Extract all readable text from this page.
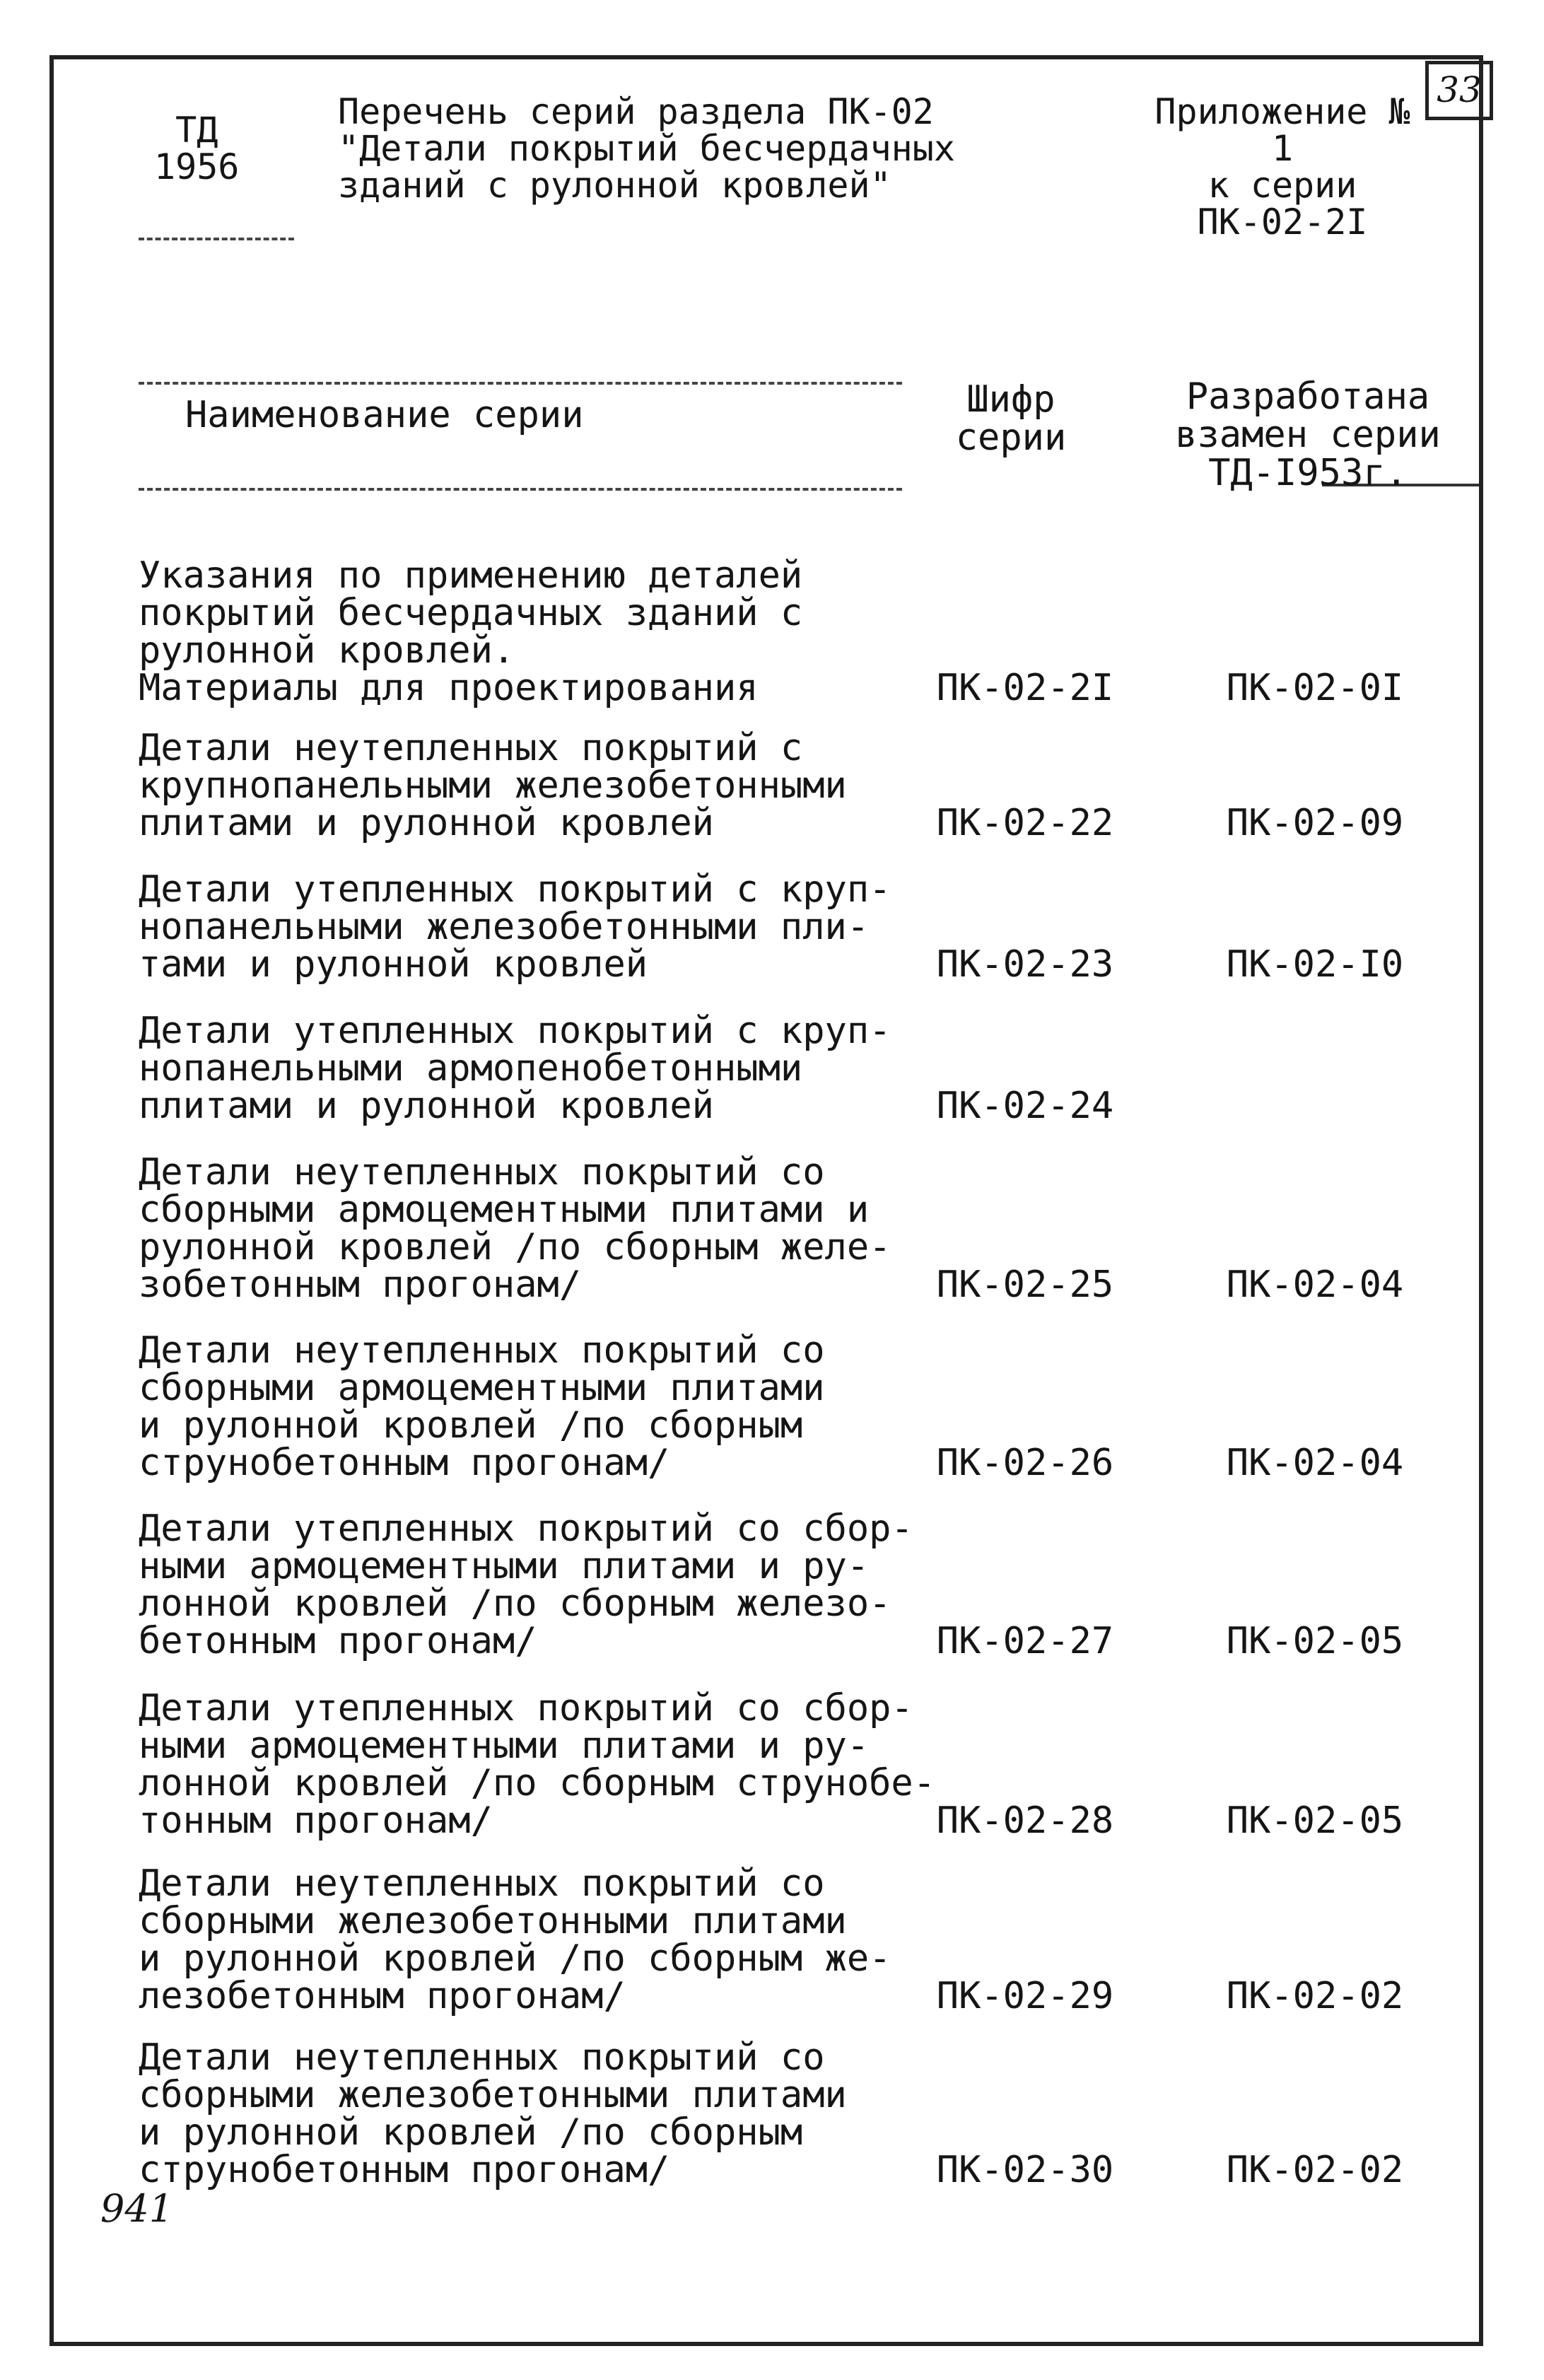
33
ТД
1956
Перечень серий раздела ПК-02
"Детали покрытий бесчердачных
зданий с рулонной кровлей"
Приложение № 1
к серии
ПК-02-2I
Наименование серии	Шифр
серии
Разработана
взамен серии
ТД-I953г.
Указания по применению деталей
покрытий бесчердачных зданий с
рулонной кровлей.
Материалы для проектирования	ПК-02-2I	ПК-02-0I
Детали неутепленных покрытий с
крупнопанельными железобетонными
плитами и рулонной кровлей	ПК-02-22	ПК-02-09
Детали утепленных покрытий с круп-
нопанельными железобетонными пли-
тами и рулонной кровлей	ПК-02-23	ПК-02-I0
Детали утепленных покрытий с круп-
нопанельными армопенобетонными
плитами и рулонной кровлей	ПК-02-24
Детали неутепленных покрытий со
сборными армоцементными плитами и
рулонной кровлей /по сборным желе-
зобетонным прогонам/	ПК-02-25	ПК-02-04
Детали неутепленных покрытий со
сборными армоцементными плитами
и рулонной кровлей /по сборным
струнобетонным прогонам/	ПК-02-26	ПК-02-04
Детали утепленных покрытий со сбор-
ными армоцементными плитами и ру-
лонной кровлей /по сборным железо-
бетонным прогонам/	ПК-02-27	ПК-02-05
Детали утепленных покрытий со сбор-
ными армоцементными плитами и ру-
лонной кровлей /по сборным струнобе-
тонным прогонам/	ПК-02-28	ПК-02-05
Детали неутепленных покрытий со
сборными железобетонными плитами
и рулонной кровлей /по сборным же-
лезобетонным прогонам/	ПК-02-29	ПК-02-02
Детали неутепленных покрытий со
сборными железобетонными плитами
и рулонной кровлей /по сборным
струнобетонным прогонам/	ПК-02-30	ПК-02-02
941
